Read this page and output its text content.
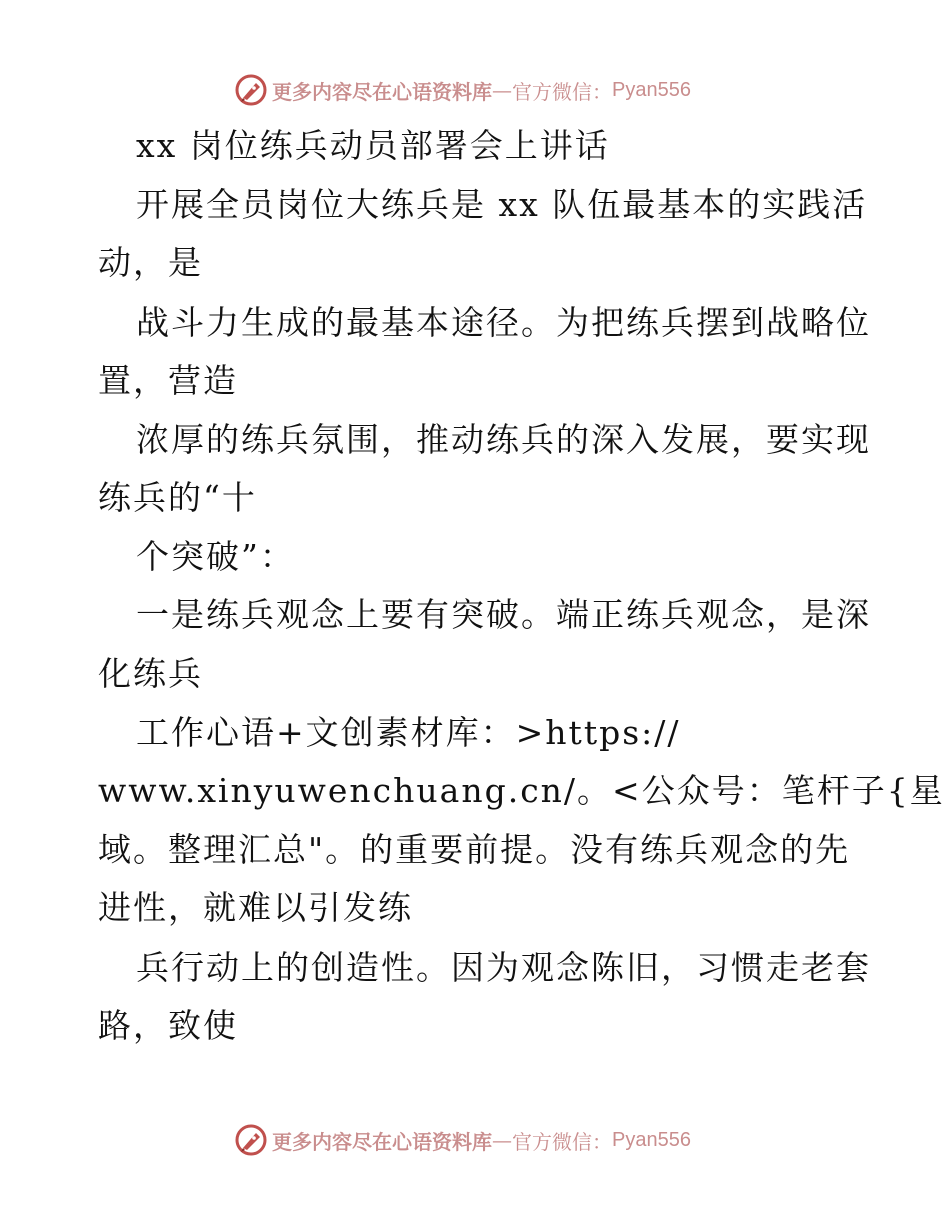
更多内容尽在心语资料库 — 官方微信： Pyan556
xx 岗位练兵动员部署会上讲话
开展全员岗位大练兵是 xx 队伍最基本的实践活
动，是
战斗力生成的最基本途径。为把练兵摆到战略位
置，营造
浓厚的练兵氛围，推动练兵的深入发展，要实现
练兵的“十
个突破”：
一是练兵观念上要有突破。端正练兵观念，是深
化练兵
工作心语+文创素材库：>https://
www.xinyuwenchuang.cn/。<公众号：笔杆子{星
域。整理汇总"。的重要前提。没有练兵观念的先
进性，就难以引发练
兵行动上的创造性。因为观念陈旧，习惯走老套
路，致使
更多内容尽在心语资料库 — 官方微信： Pyan556
